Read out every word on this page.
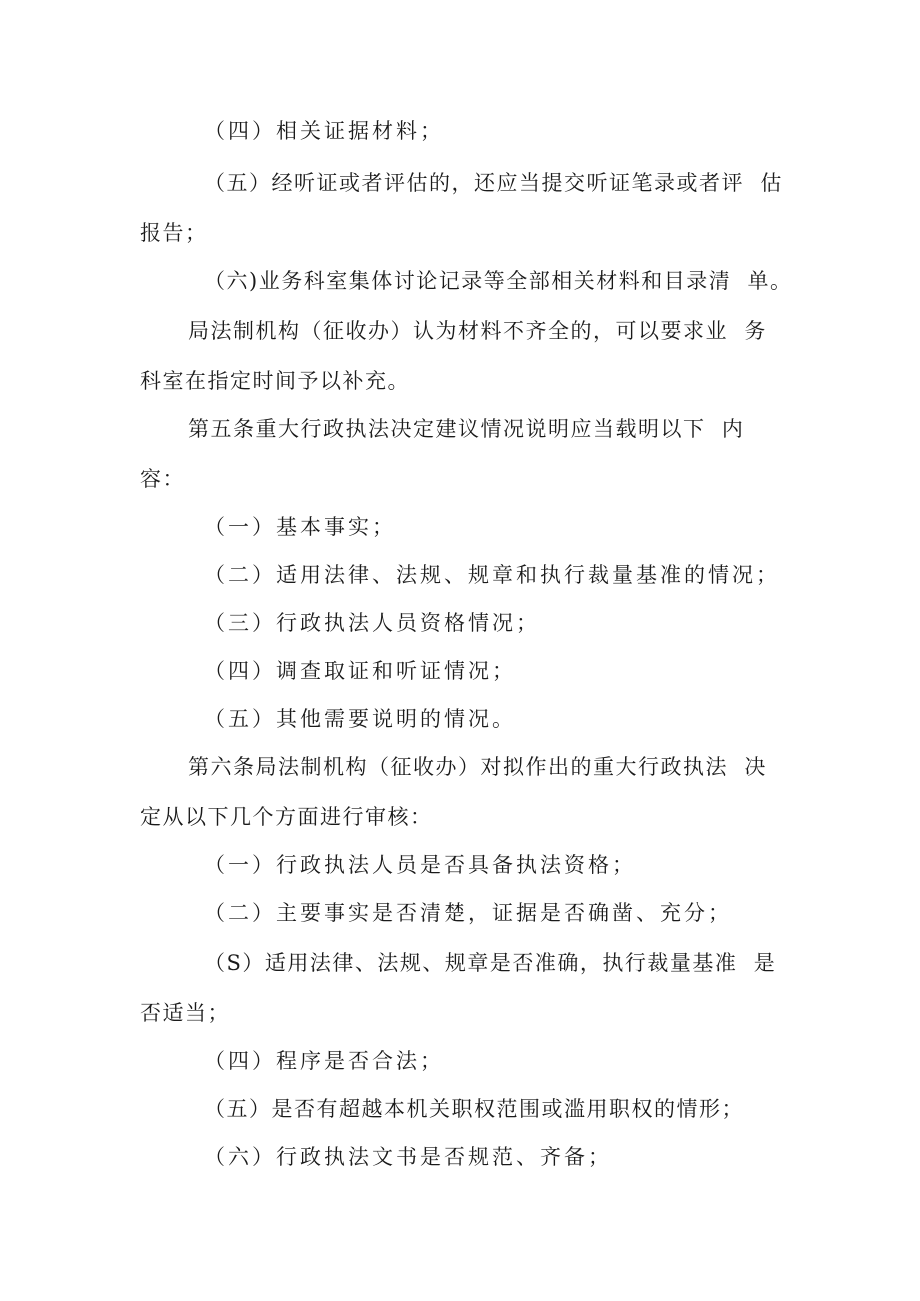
（四）相关证据材料；
（五）经听证或者评估的，还应当提交听证笔录或者评  估
报告；
（六)业务科室集体讨论记录等全部相关材料和目录清  单。
局法制机构（征收办）认为材料不齐全的，可以要求业  务
科室在指定时间予以补充。
第五条重大行政执法决定建议情况说明应当载明以下  内
容：
（一）基本事实；
（二）适用法律、法规、规章和执行裁量基准的情况；
（三）行政执法人员资格情况；
（四）调查取证和听证情况；
（五）其他需要说明的情况。
第六条局法制机构（征收办）对拟作出的重大行政执法  决
定从以下几个方面进行审核：
（一）行政执法人员是否具备执法资格；
（二）主要事实是否清楚，证据是否确凿、充分；
（S）适用法律、法规、规章是否准确，执行裁量基准  是
否适当；
（四）程序是否合法；
（五）是否有超越本机关职权范围或滥用职权的情形；
（六）行政执法文书是否规范、齐备；
